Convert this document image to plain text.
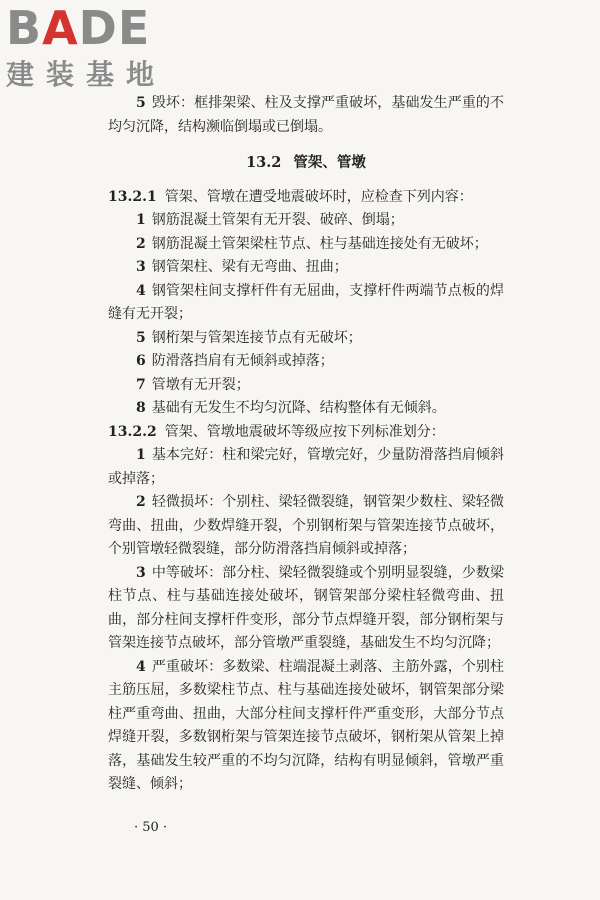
BADE
建装基地

5 毁坏：框排架梁、柱及支撑严重破坏，基础发生严重的不均匀沉降，结构濒临倒塌或已倒塌。

13.2 管架、管墩

13.2.1 管架、管墩在遭受地震破坏时，应检查下列内容：

1 钢筋混凝土管架有无开裂、破碎、倒塌；

2 钢筋混凝土管架梁柱节点、柱与基础连接处有无破坏；

3 钢管架柱、梁有无弯曲、扭曲；

4 钢管架柱间支撑杆件有无屈曲，支撑杆件两端节点板的焊缝有无开裂；

5 钢桁架与管架连接节点有无破坏；

6 防滑落挡肩有无倾斜或掉落；

7 管墩有无开裂；

8 基础有无发生不均匀沉降、结构整体有无倾斜。

13.2.2 管架、管墩地震破坏等级应按下列标准划分：

1 基本完好：柱和梁完好，管墩完好，少量防滑落挡肩倾斜或掉落；

2 轻微损坏：个别柱、梁轻微裂缝，钢管架少数柱、梁轻微弯曲、扭曲，少数焊缝开裂，个别钢桁架与管架连接节点破坏，个别管墩轻微裂缝，部分防滑落挡肩倾斜或掉落；

3 中等破坏：部分柱、梁轻微裂缝或个别明显裂缝，少数梁柱节点、柱与基础连接处破坏，钢管架部分梁柱轻微弯曲、扭曲，部分柱间支撑杆件变形，部分节点焊缝开裂，部分钢桁架与管架连接节点破坏，部分管墩严重裂缝，基础发生不均匀沉降；

4 严重破坏：多数梁、柱端混凝土剥落、主筋外露，个别柱主筋压屈，多数梁柱节点、柱与基础连接处破坏，钢管架部分梁柱严重弯曲、扭曲，大部分柱间支撑杆件严重变形，大部分节点焊缝开裂，多数钢桁架与管架连接节点破坏，钢桁架从管架上掉落，基础发生较严重的不均匀沉降，结构有明显倾斜，管墩严重裂缝、倾斜；

· 50 ·
